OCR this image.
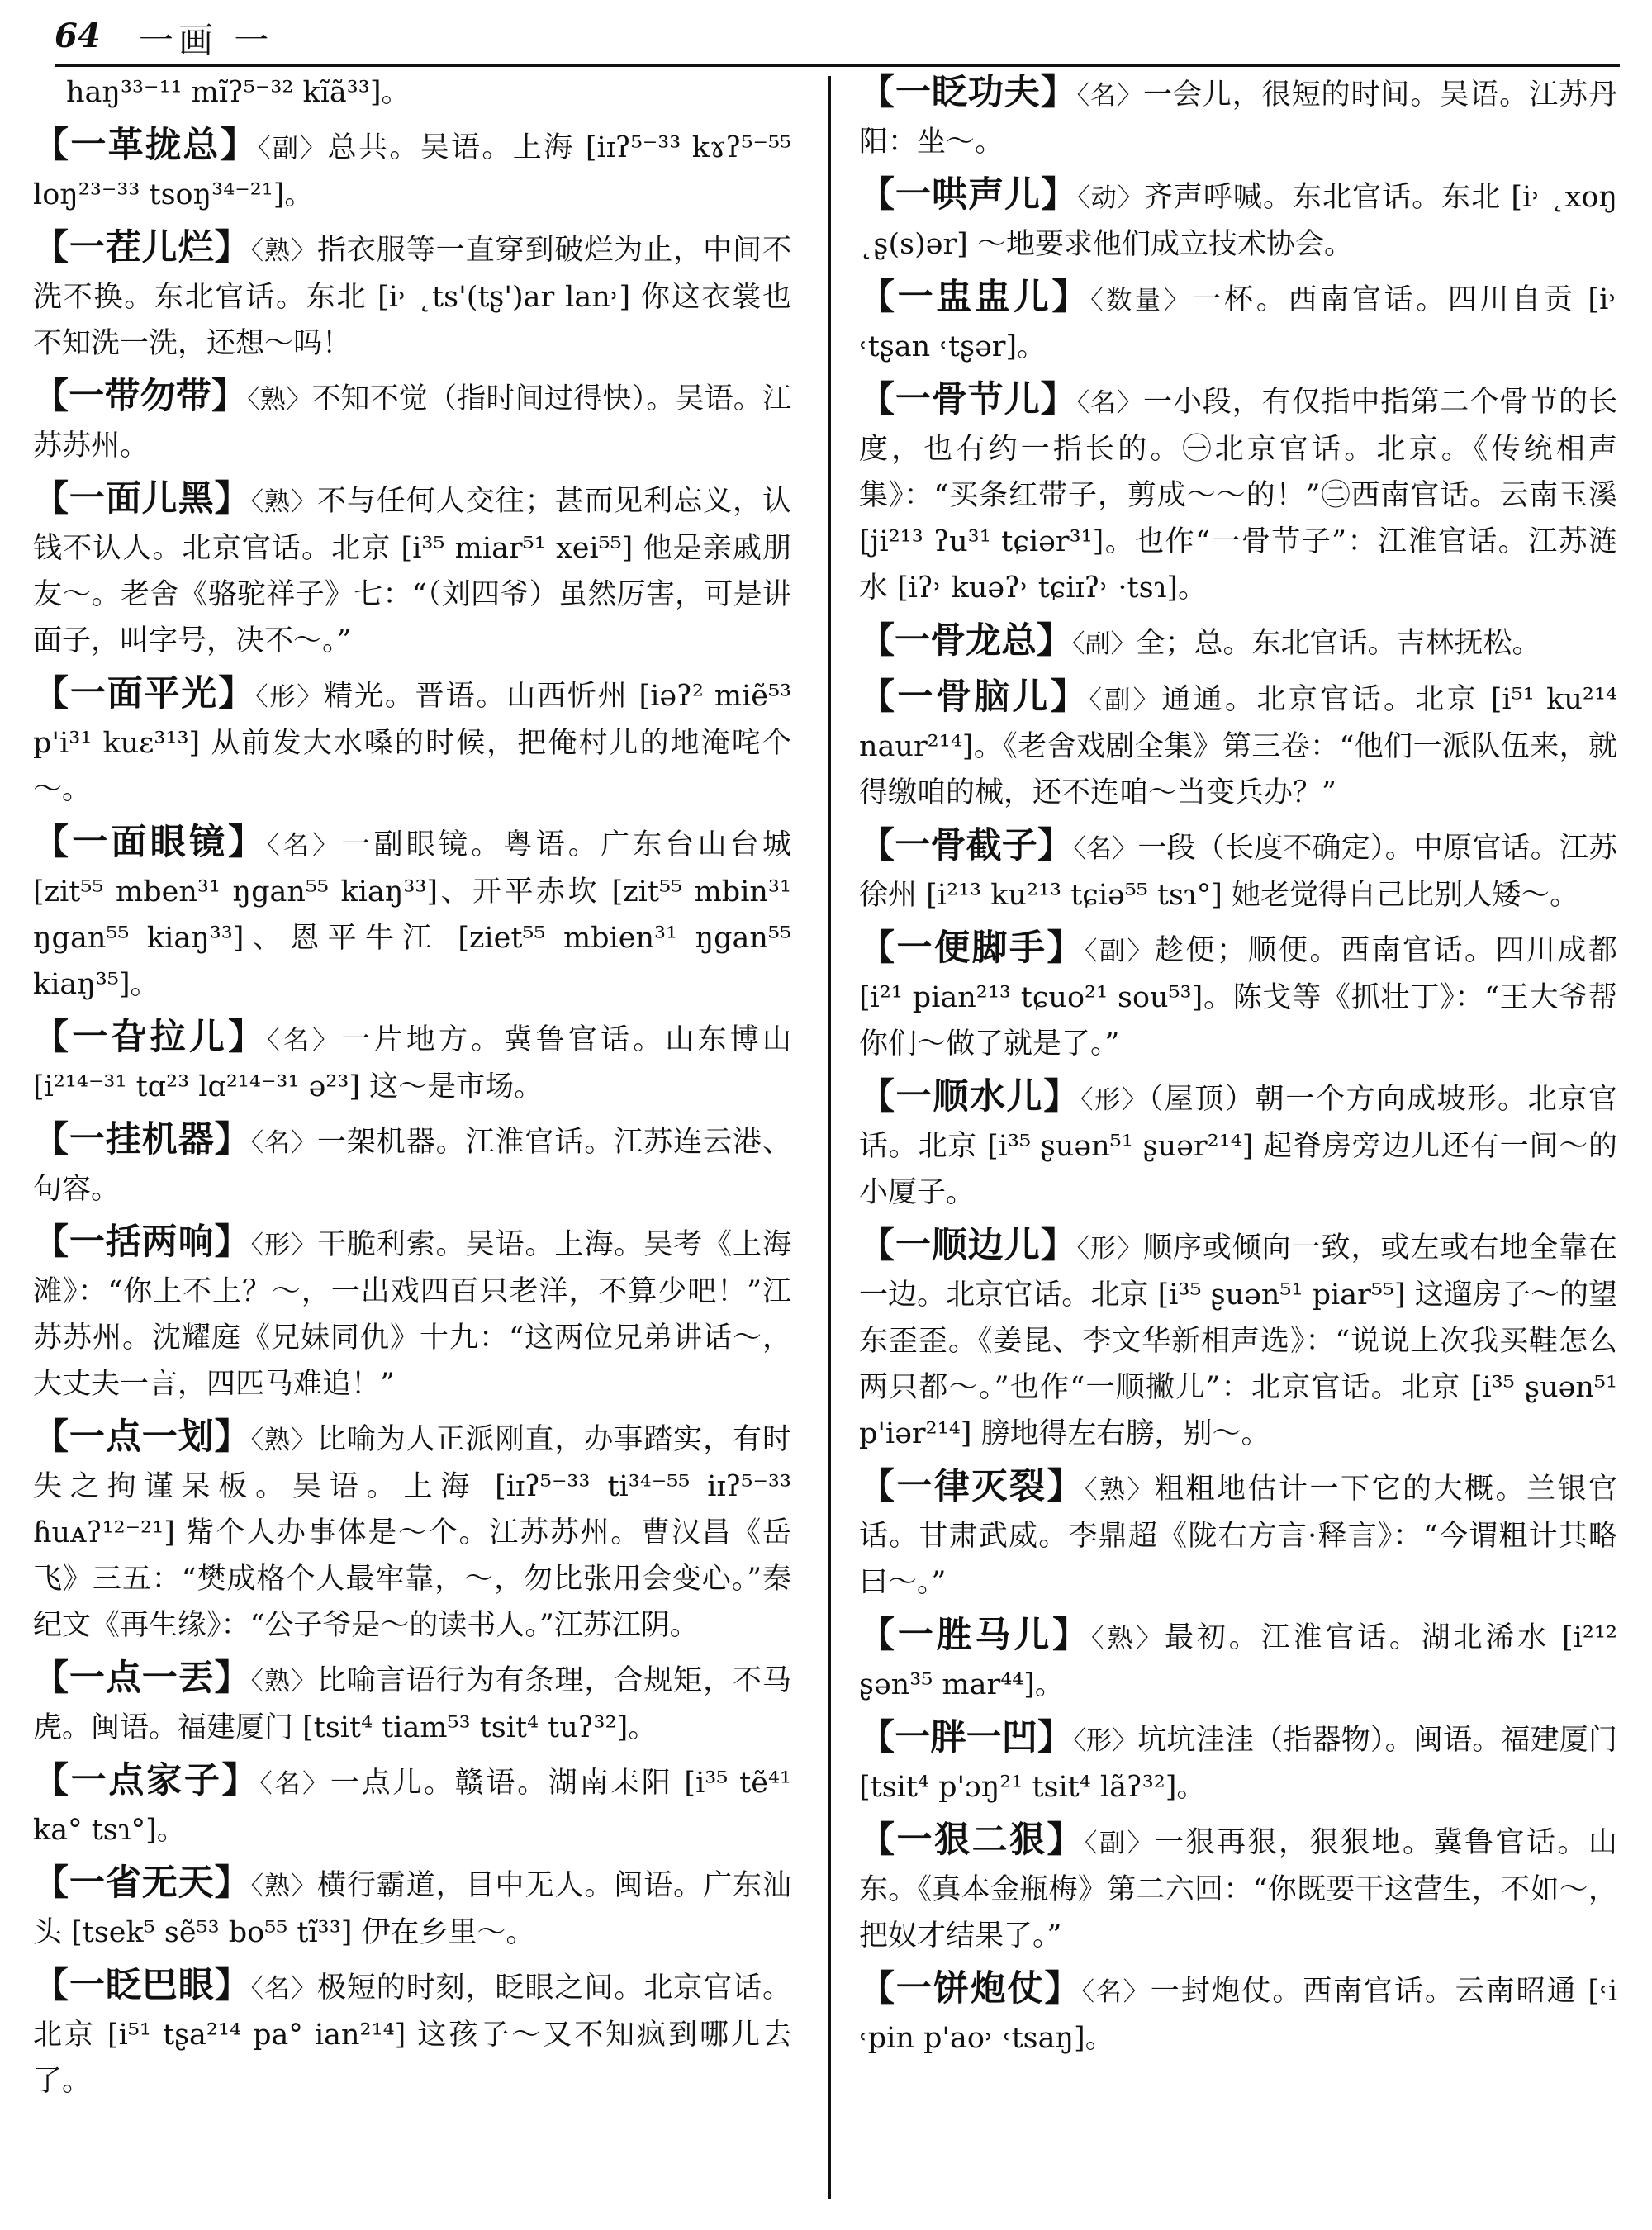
64 一画 一

haŋ³³⁻¹¹ mĩʔ⁵⁻³² kĩã³³]。

【一革拢总】〈副〉总共。吴语。上海 [iɪʔ⁵⁻³³ kɤʔ⁵⁻⁵⁵ loŋ²³⁻³³ tsoŋ³⁴⁻²¹]。

【一茬儿烂】〈熟〉指衣服等一直穿到破烂为止，中间不洗不换。东北官话。东北 [i˒ ˛ts'(tʂ')ar lan˒] 你这衣裳也不知洗一洗，还想～吗！

【一带勿带】〈熟〉不知不觉（指时间过得快）。吴语。江苏苏州。

【一面儿黑】〈熟〉不与任何人交往；甚而见利忘义，认钱不认人。北京官话。北京 [i³⁵ miar⁵¹ xei⁵⁵] 他是亲戚朋友～。老舍《骆驼祥子》七：“（刘四爷）虽然厉害，可是讲面子，叫字号，决不～。”

【一面平光】〈形〉精光。晋语。山西忻州 [iəʔ² miẽ⁵³ p'i³¹ kuɛ³¹³] 从前发大水嗓的时候，把俺村儿的地淹咤个～。

【一面眼镜】〈名〉一副眼镜。粤语。广东台山台城 [zit⁵⁵ mben³¹ ŋgan⁵⁵ kiaŋ³³]、开平赤坎 [zit⁵⁵ mbin³¹ ŋgan⁵⁵ kiaŋ³³]、恩平牛江 [ziet⁵⁵ mbien³¹ ŋgan⁵⁵ kiaŋ³⁵]。

【一旮拉儿】〈名〉一片地方。冀鲁官话。山东博山 [i²¹⁴⁻³¹ tɑ²³ lɑ²¹⁴⁻³¹ ə²³] 这～是市场。

【一挂机器】〈名〉一架机器。江淮官话。江苏连云港、句容。

【一括两响】〈形〉干脆利索。吴语。上海。吴考《上海滩》：“你上不上？～，一出戏四百只老洋，不算少吧！”江苏苏州。沈耀庭《兄妹同仇》十九：“这两位兄弟讲话～，大丈夫一言，四匹马难追！”

【一点一划】〈熟〉比喻为人正派刚直，办事踏实，有时失之拘谨呆板。吴语。上海 [iɪʔ⁵⁻³³ ti³⁴⁻⁵⁵ iɪʔ⁵⁻³³ ɦuᴀʔ¹²⁻²¹] 觜个人办事体是～个。江苏苏州。曹汉昌《岳飞》三五：“樊成格个人最牢靠，～，勿比张用会变心。”秦纪文《再生缘》：“公子爷是～的读书人。”江苏江阴。

【一点一丟】〈熟〉比喻言语行为有条理，合规矩，不马虎。闽语。福建厦门 [tsit⁴ tiam⁵³ tsit⁴ tuʔ³²]。

【一点家子】〈名〉一点儿。赣语。湖南耒阳 [i³⁵ tẽ⁴¹ ka° tsɿ°]。

【一省无天】〈熟〉横行霸道，目中无人。闽语。广东汕头 [tsek⁵ sẽ⁵³ bo⁵⁵ tĩ³³] 伊在乡里～。

【一眨巴眼】〈名〉极短的时刻，眨眼之间。北京官话。北京 [i⁵¹ tʂa²¹⁴ pa° ian²¹⁴] 这孩子～又不知疯到哪儿去了。

【一眨功夫】〈名〉一会儿，很短的时间。吴语。江苏丹阳：坐～。

【一哄声儿】〈动〉齐声呼喊。东北官话。东北 [i˒ ˛xoŋ ˛ʂ(s)ər] ～地要求他们成立技术协会。

【一盅盅儿】〈数量〉一杯。西南官话。四川自贡 [i˒ ˓tʂan ˓tʂər]。

【一骨节儿】〈名〉一小段，有仅指中指第二个骨节的长度，也有约一指长的。㊀北京官话。北京。《传统相声集》：“买条红带子，剪成～～的！”㊁西南官话。云南玉溪 [ji²¹³ ʔu³¹ tɕiər³¹]。也作“一骨节子”：江淮官话。江苏涟水 [iʔ˒ kuəʔ˒ tɕiɪʔ˒ ·tsɿ]。

【一骨龙总】〈副〉全；总。东北官话。吉林抚松。

【一骨脑儿】〈副〉通通。北京官话。北京 [i⁵¹ ku²¹⁴ naur²¹⁴]。《老舍戏剧全集》第三卷：“他们一派队伍来，就得缴咱的械，还不连咱～当变兵办？”

【一骨截子】〈名〉一段（长度不确定）。中原官话。江苏徐州 [i²¹³ ku²¹³ tɕiə⁵⁵ tsɿ°] 她老觉得自己比别人矮～。

【一便脚手】〈副〉趁便；顺便。西南官话。四川成都 [i²¹ pian²¹³ tɕuo²¹ sou⁵³]。陈戈等《抓壮丁》：“王大爷帮你们～做了就是了。”

【一顺水儿】〈形〉（屋顶）朝一个方向成坡形。北京官话。北京 [i³⁵ ʂuən⁵¹ ʂuər²¹⁴] 起脊房旁边儿还有一间～的小厦子。

【一顺边儿】〈形〉顺序或倾向一致，或左或右地全靠在一边。北京官话。北京 [i³⁵ ʂuən⁵¹ piar⁵⁵] 这遛房子～的望东歪歪。《姜昆、李文华新相声选》：“说说上次我买鞋怎么两只都～。”也作“一顺撇儿”：北京官话。北京 [i³⁵ ʂuən⁵¹ p'iər²¹⁴] 膀地得左右膀，别～。

【一律灭裂】〈熟〉粗粗地估计一下它的大概。兰银官话。甘肃武威。李鼎超《陇右方言·释言》：“今谓粗计其略曰～。”

【一胜马儿】〈熟〉最初。江淮官话。湖北浠水 [i²¹² ʂən³⁵ mar⁴⁴]。

【一胖一凹】〈形〉坑坑洼洼（指器物）。闽语。福建厦门 [tsit⁴ p'ɔŋ²¹ tsit⁴ lãʔ³²]。

【一狠二狠】〈副〉一狠再狠，狠狠地。冀鲁官话。山东。《真本金瓶梅》第二六回：“你既要干这营生，不如～，把奴才结果了。”

【一饼炮仗】〈名〉一封炮仗。西南官话。云南昭通 [˓i ˓pin p'ao˒ ˓tsaŋ]。
